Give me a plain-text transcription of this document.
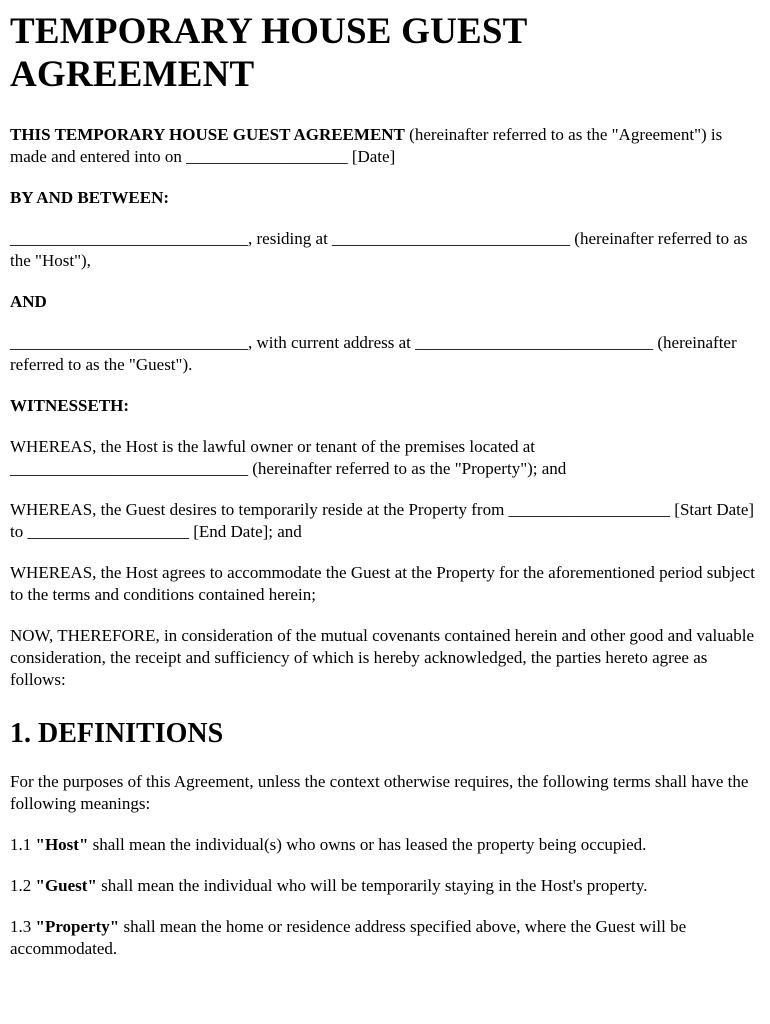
TEMPORARY HOUSE GUEST AGREEMENT

THIS TEMPORARY HOUSE GUEST AGREEMENT (hereinafter referred to as the "Agreement") is made and entered into on ___________________ [Date]

BY AND BETWEEN:

____________________________, residing at ____________________________ (hereinafter referred to as the "Host"),

AND

____________________________, with current address at ____________________________ (hereinafter referred to as the "Guest").

WITNESSETH:

WHEREAS, the Host is the lawful owner or tenant of the premises located at ____________________________ (hereinafter referred to as the "Property"); and

WHEREAS, the Guest desires to temporarily reside at the Property from ___________________ [Start Date] to ___________________ [End Date]; and

WHEREAS, the Host agrees to accommodate the Guest at the Property for the aforementioned period subject to the terms and conditions contained herein;

NOW, THEREFORE, in consideration of the mutual covenants contained herein and other good and valuable consideration, the receipt and sufficiency of which is hereby acknowledged, the parties hereto agree as follows:

1. DEFINITIONS

For the purposes of this Agreement, unless the context otherwise requires, the following terms shall have the following meanings:

1.1 "Host" shall mean the individual(s) who owns or has leased the property being occupied.

1.2 "Guest" shall mean the individual who will be temporarily staying in the Host's property.

1.3 "Property" shall mean the home or residence address specified above, where the Guest will be accommodated.
